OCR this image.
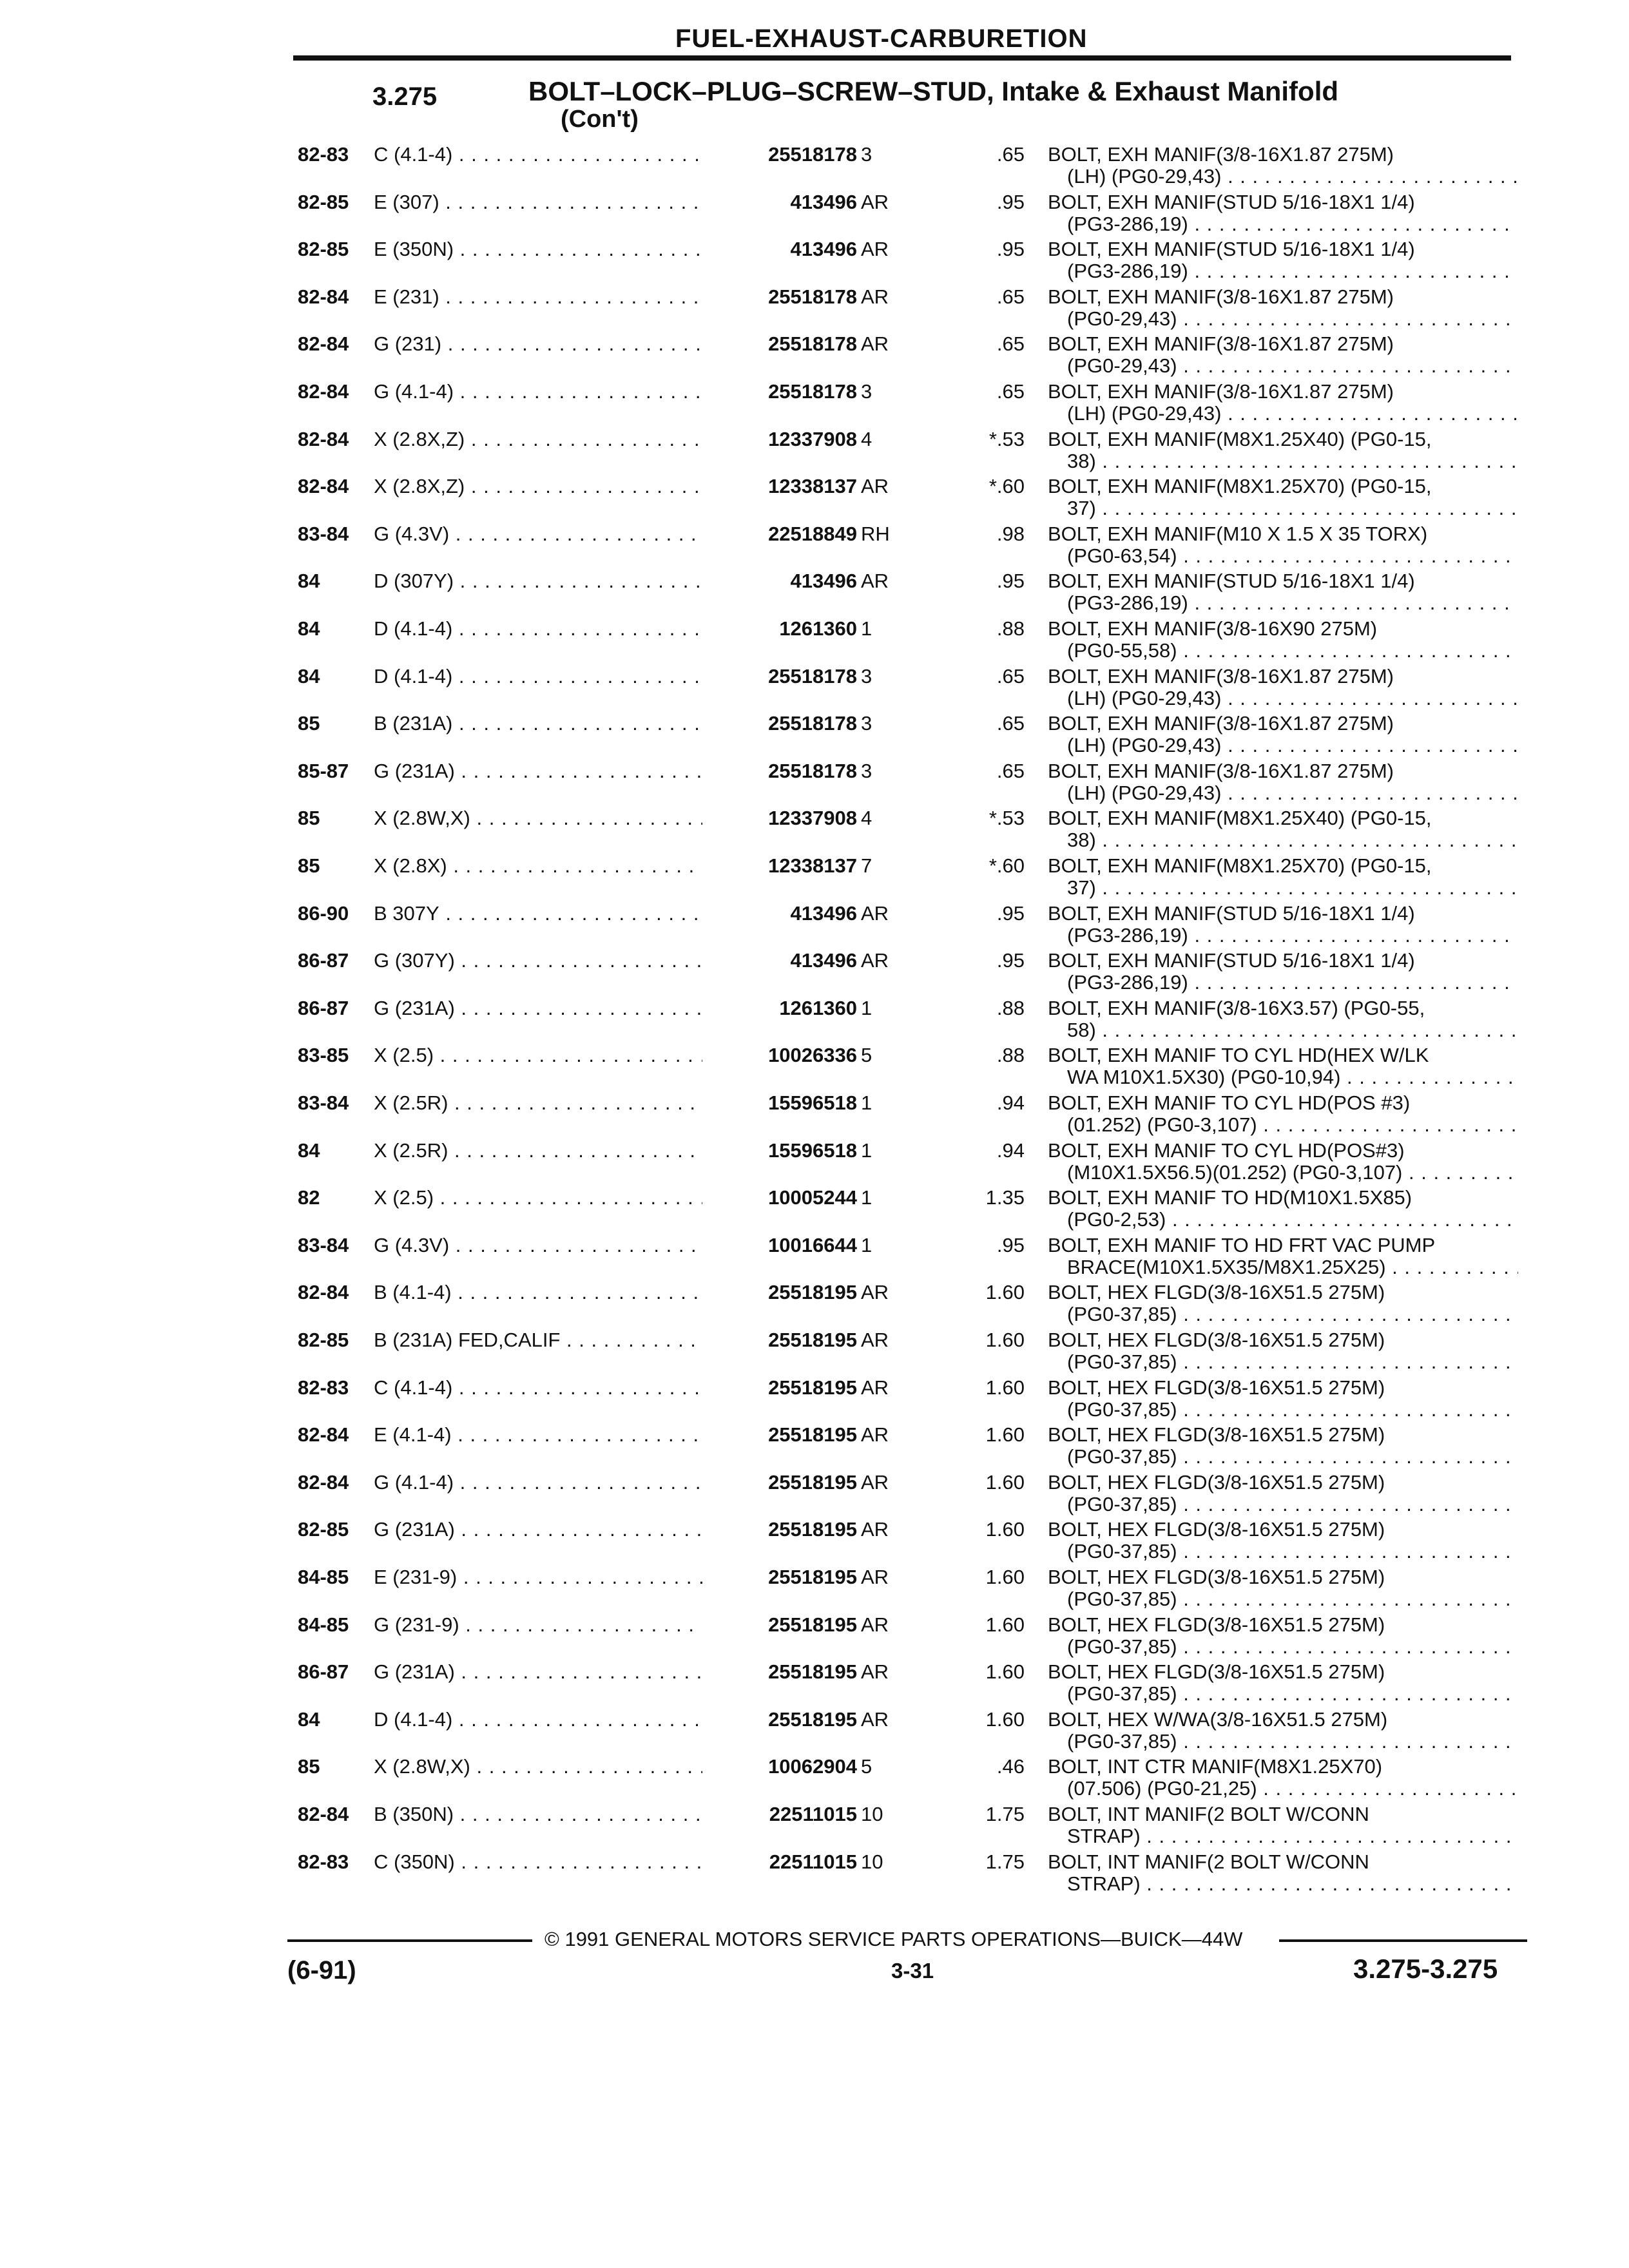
FUEL-EXHAUST-CARBURETION
3.275	BOLT–LOCK–PLUG–SCREW–STUD, Intake & Exhaust Manifold
(Con't)
82-83 C (4.1-4) . . .	25518178 3	.65 BOLT, EXH MANIF(3/8-16X1.87 275M)
(LH) (PG0-29,43) . . .
82-85 E (307) . . .	413496 AR	.95 BOLT, EXH MANIF(STUD 5/16-18X1 1/4)
(PG3-286,19) . . .
82-85 E (350N) . . .	413496 AR	.95 BOLT, EXH MANIF(STUD 5/16-18X1 1/4)
(PG3-286,19) . . .
82-84 E (231) . . .	25518178 AR	.65 BOLT, EXH MANIF(3/8-16X1.87 275M)
(PG0-29,43) . . .
82-84 G (231) . . .	25518178 AR	.65 BOLT, EXH MANIF(3/8-16X1.87 275M)
(PG0-29,43) . . .
82-84 G (4.1-4) . . .	25518178 3	.65 BOLT, EXH MANIF(3/8-16X1.87 275M)
(LH) (PG0-29,43) . . .
82-84 X (2.8X,Z) . . .	12337908 4	*.53 BOLT, EXH MANIF(M8X1.25X40) (PG0-15,
38) . . .
82-84 X (2.8X,Z) . . .	12338137 AR	*.60 BOLT, EXH MANIF(M8X1.25X70) (PG0-15,
37) . . .
83-84 G (4.3V) . . .	22518849 RH	.98 BOLT, EXH MANIF(M10 X 1.5 X 35 TORX)
(PG0-63,54) . . .
84	D (307Y) . . .	413496 AR	.95 BOLT, EXH MANIF(STUD 5/16-18X1 1/4)
(PG3-286,19) . . .
84	D (4.1-4) . . .	1261360 1	.88 BOLT, EXH MANIF(3/8-16X90 275M)
(PG0-55,58) . . .
84	D (4.1-4) . . .	25518178 3	.65 BOLT, EXH MANIF(3/8-16X1.87 275M)
(LH) (PG0-29,43) . . .
85	B (231A) . . .	25518178 3	.65 BOLT, EXH MANIF(3/8-16X1.87 275M)
(LH) (PG0-29,43) . . .
85-87 G (231A) . . .	25518178 3	.65 BOLT, EXH MANIF(3/8-16X1.87 275M)
(LH) (PG0-29,43) . . .
85	X (2.8W,X) . . .	12337908 4	*.53 BOLT, EXH MANIF(M8X1.25X40) (PG0-15,
38) . . .
85	X (2.8X) . . .	12338137 7	*.60 BOLT, EXH MANIF(M8X1.25X70) (PG0-15,
37) . . .
86-90 B 307Y . . .	413496 AR	.95 BOLT, EXH MANIF(STUD 5/16-18X1 1/4)
(PG3-286,19) . . .
86-87 G (307Y) . . .	413496 AR	.95 BOLT, EXH MANIF(STUD 5/16-18X1 1/4)
(PG3-286,19) . . .
86-87 G (231A) . . .	1261360 1	.88 BOLT, EXH MANIF(3/8-16X3.57) (PG0-55,
58) . . .
83-85 X (2.5) . . .	10026336 5	.88 BOLT, EXH MANIF TO CYL HD(HEX W/LK
WA M10X1.5X30) (PG0-10,94) . . .
83-84 X (2.5R) . . .	15596518 1	.94 BOLT, EXH MANIF TO CYL HD(POS #3)
(01.252) (PG0-3,107) . . .
84	X (2.5R) . . .	15596518 1	.94 BOLT, EXH MANIF TO CYL HD(POS#3)
(M10X1.5X56.5)(01.252) (PG0-3,107) . . .
82	X (2.5) . . .	10005244 1	1.35 BOLT, EXH MANIF TO HD(M10X1.5X85)
(PG0-2,53) . . .
83-84 G (4.3V) . . .	10016644 1	.95 BOLT, EXH MANIF TO HD FRT VAC PUMP
BRACE(M10X1.5X35/M8X1.25X25) . . .
82-84 B (4.1-4) . . .	25518195 AR	1.60 BOLT, HEX FLGD(3/8-16X51.5 275M)
(PG0-37,85) . . .
82-85 B (231A) FED,CALIF . . .	25518195 AR	1.60 BOLT, HEX FLGD(3/8-16X51.5 275M)
(PG0-37,85) . . .
82-83 C (4.1-4) . . .	25518195 AR	1.60 BOLT, HEX FLGD(3/8-16X51.5 275M)
(PG0-37,85) . . .
82-84 E (4.1-4) . . .	25518195 AR	1.60 BOLT, HEX FLGD(3/8-16X51.5 275M)
(PG0-37,85) . . .
82-84 G (4.1-4) . . .	25518195 AR	1.60 BOLT, HEX FLGD(3/8-16X51.5 275M)
(PG0-37,85) . . .
82-85 G (231A) . . .	25518195 AR	1.60 BOLT, HEX FLGD(3/8-16X51.5 275M)
(PG0-37,85) . . .
84-85 E (231-9) . . .	25518195 AR	1.60 BOLT, HEX FLGD(3/8-16X51.5 275M)
(PG0-37,85) . . .
84-85 G (231-9) . . .	25518195 AR	1.60 BOLT, HEX FLGD(3/8-16X51.5 275M)
(PG0-37,85) . . .
86-87 G (231A) . . .	25518195 AR	1.60 BOLT, HEX FLGD(3/8-16X51.5 275M)
(PG0-37,85) . . .
84	D (4.1-4) . . .	25518195 AR	1.60 BOLT, HEX W/WA(3/8-16X51.5 275M)
(PG0-37,85) . . .
85	X (2.8W,X) . . .	10062904 5	.46 BOLT, INT CTR MANIF(M8X1.25X70)
(07.506) (PG0-21,25) . . .
82-84 B (350N) . . .	22511015 10	1.75 BOLT, INT MANIF(2 BOLT W/CONN
STRAP) . . .
82-83 C (350N) . . .	22511015 10	1.75 BOLT, INT MANIF(2 BOLT W/CONN
STRAP) . . .
© 1991 GENERAL MOTORS SERVICE PARTS OPERATIONS—BUICK—44W
(6-91)	3-31	3.275-3.275
